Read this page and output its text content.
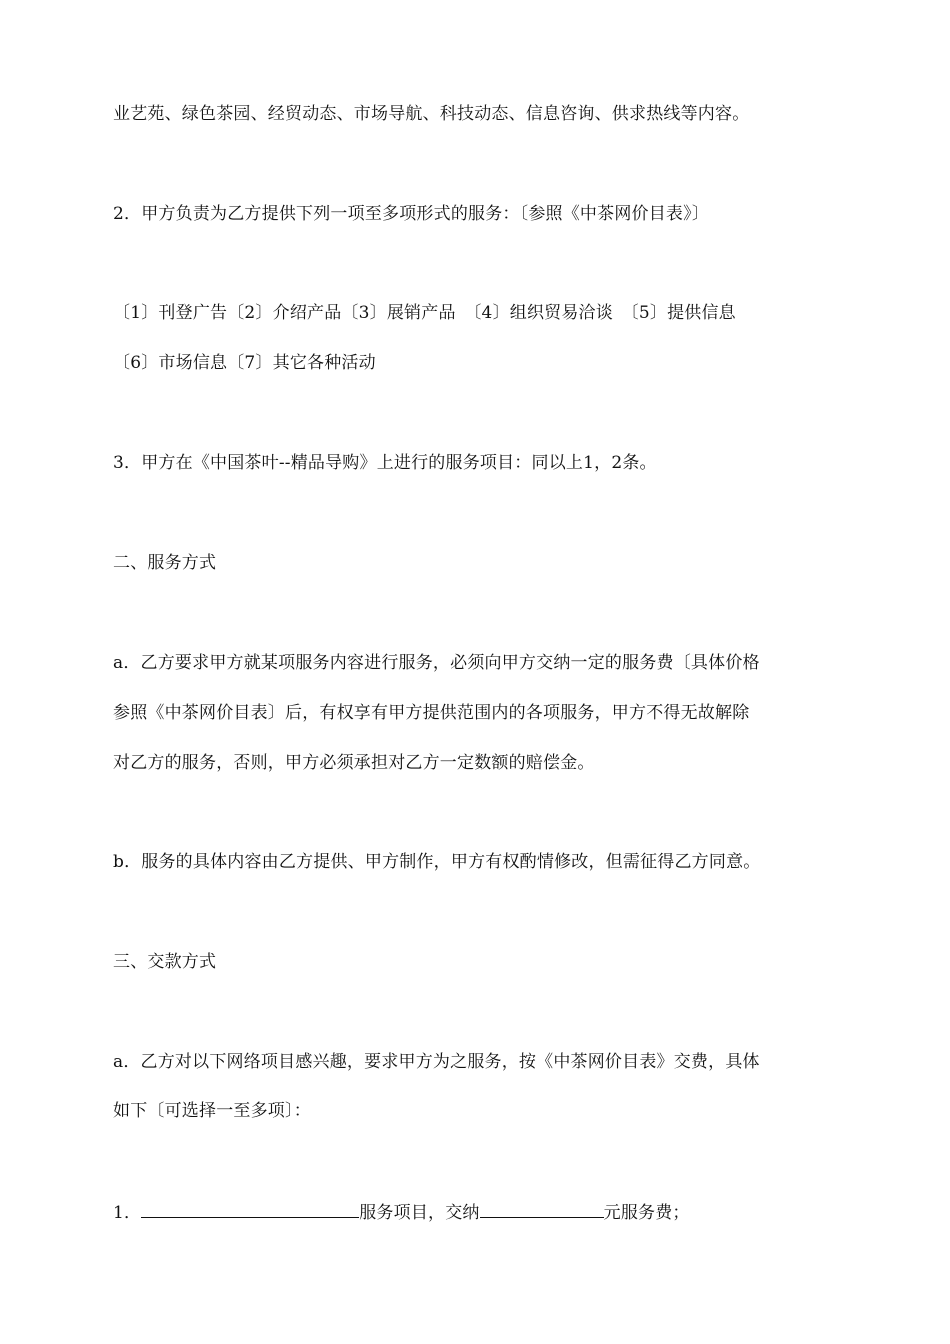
业艺苑、绿色茶园、经贸动态、市场导航、科技动态、信息咨询、供求热线等内容。
2．甲方负责为乙方提供下列一项至多项形式的服务：〔参照《中茶网价目表》〕
〔1〕刊登广告〔2〕介绍产品〔3〕展销产品　〔4〕组织贸易洽谈　〔5〕提供信息
〔6〕市场信息〔7〕其它各种活动
3．甲方在《中国茶叶--精品导购》上进行的服务项目：同以上1，2条。
二、服务方式
a．乙方要求甲方就某项服务内容进行服务，必须向甲方交纳一定的服务费〔具体价格
参照《中茶网价目表〕后，有权享有甲方提供范围内的各项服务，甲方不得无故解除
对乙方的服务，否则，甲方必须承担对乙方一定数额的赔偿金。
b．服务的具体内容由乙方提供、甲方制作，甲方有权酌情修改，但需征得乙方同意。
三、交款方式
a．乙方对以下网络项目感兴趣，要求甲方为之服务，按《中茶网价目表》交费，具体
如下〔可选择一至多项〕：
1．	服务项目，交纳	元服务费；
